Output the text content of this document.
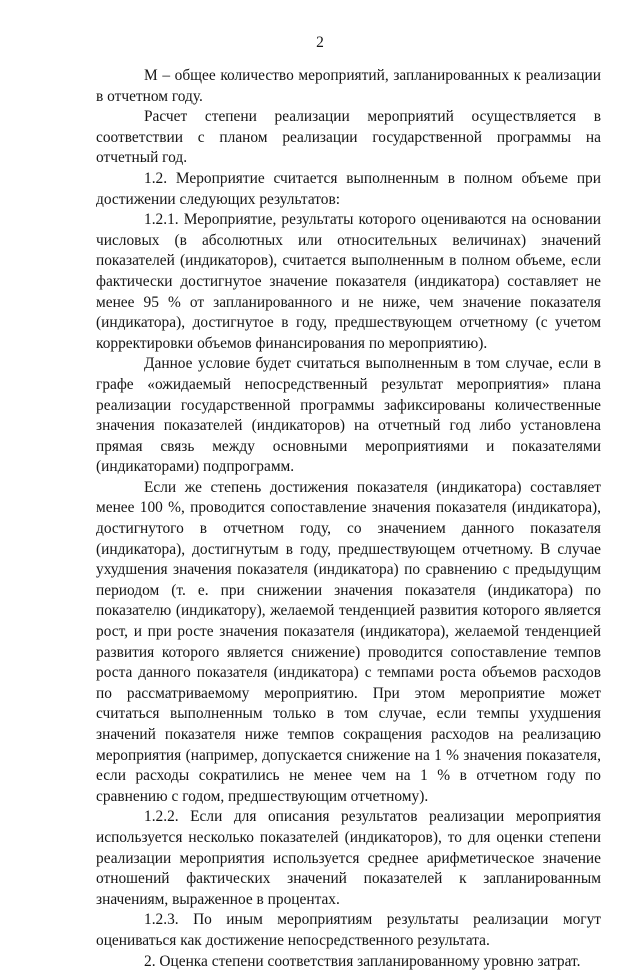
2

М – общее количество мероприятий, запланированных к реализации в отчетном году.

Расчет степени реализации мероприятий осуществляется в соответствии с планом реализации государственной программы на отчетный год.

1.2. Мероприятие считается выполненным в полном объеме при достижении следующих результатов:

1.2.1. Мероприятие, результаты которого оцениваются на основании числовых (в абсолютных или относительных величинах) значений показателей (индикаторов), считается выполненным в полном объеме, если фактически достигнутое значение показателя (индикатора) составляет не менее 95 % от запланированного и не ниже, чем значение показателя (индикатора), достигнутое в году, предшествующем отчетному (с учетом корректировки объемов финансирования по мероприятию).

Данное условие будет считаться выполненным в том случае, если в графе «ожидаемый непосредственный результат мероприятия» плана реализации государственной программы зафиксированы количественные значения показателей (индикаторов) на отчетный год либо установлена прямая связь между основными мероприятиями и показателями (индикаторами) подпрограмм.

Если же степень достижения показателя (индикатора) составляет менее 100 %, проводится сопоставление значения показателя (индикатора), достигнутого в отчетном году, со значением данного показателя (индикатора), достигнутым в году, предшествующем отчетному. В случае ухудшения значения показателя (индикатора) по сравнению с предыдущим периодом (т. е. при снижении значения показателя (индикатора) по показателю (индикатору), желаемой тенденцией развития которого является рост, и при росте значения показателя (индикатора), желаемой тенденцией развития которого является снижение) проводится сопоставление темпов роста данного показателя (индикатора) с темпами роста объемов расходов по рассматриваемому мероприятию. При этом мероприятие может считаться выполненным только в том случае, если темпы ухудшения значений показателя ниже темпов сокращения расходов на реализацию мероприятия (например, допускается снижение на 1 % значения показателя, если расходы сократились не менее чем на 1 % в отчетном году по сравнению с годом, предшествующим отчетному).

1.2.2. Если для описания результатов реализации мероприятия используется несколько показателей (индикаторов), то для оценки степени реализации мероприятия используется среднее арифметическое значение отношений фактических значений показателей к запланированным значениям, выраженное в процентах.

1.2.3. По иным мероприятиям результаты реализации могут оцениваться как достижение непосредственного результата.

2. Оценка степени соответствия запланированному уровню затрат.
